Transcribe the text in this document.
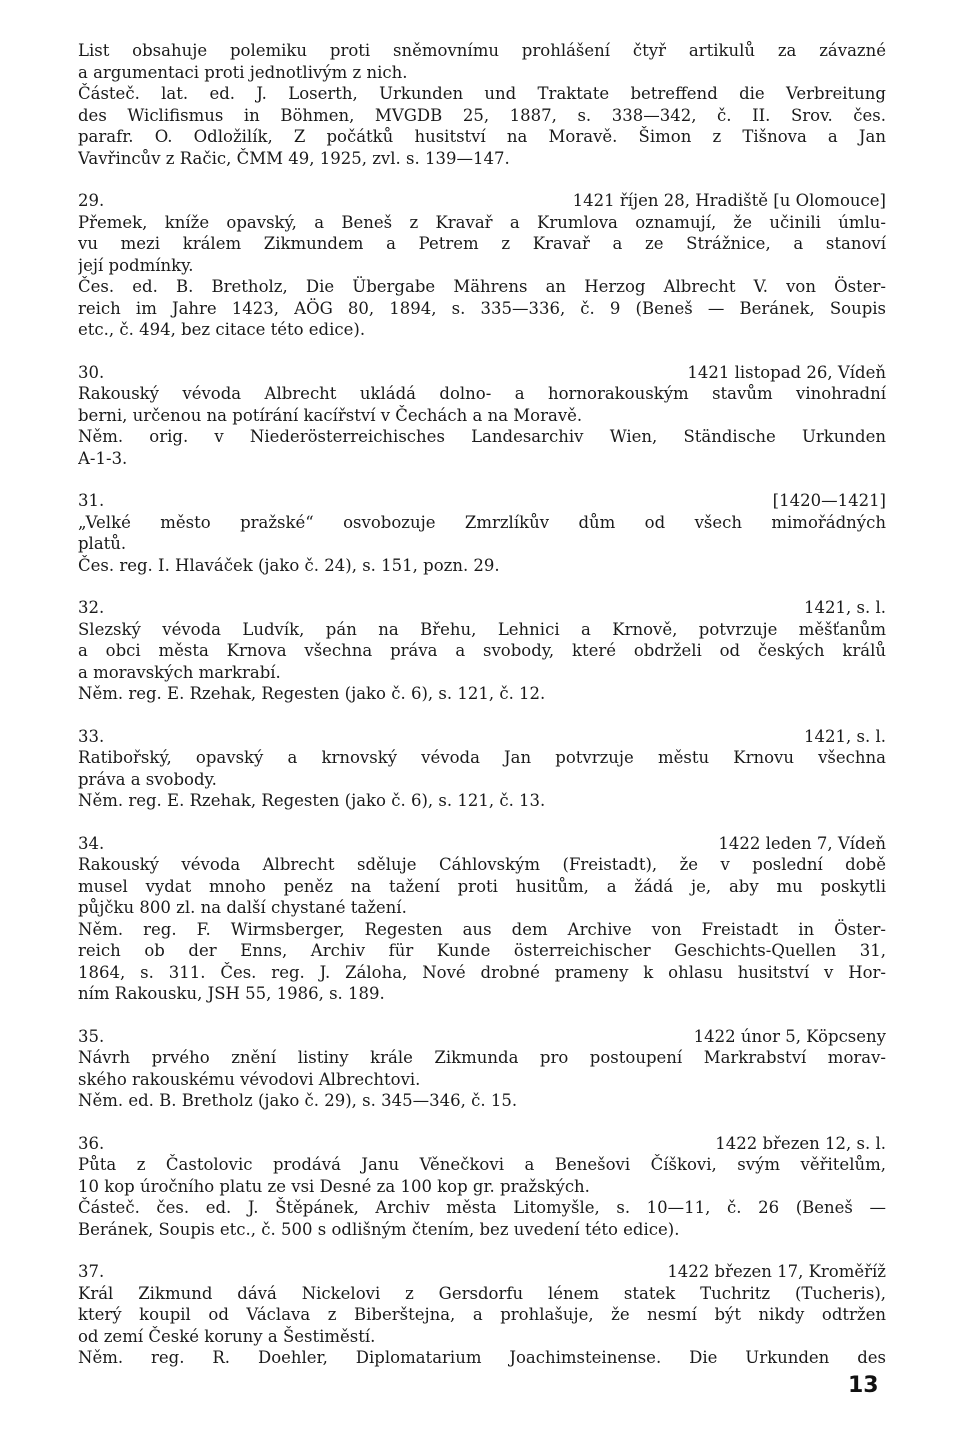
List obsahuje polemiku proti sněmovnímu prohlášení čtyř artikulů za závazné
a argumentaci proti jednotlivým z nich.
Částeč. lat. ed. J. Loserth, Urkunden und Traktate betreffend die Verbreitung
des Wiclifismus in Böhmen, MVGDB 25, 1887, s. 338—342, č. II. Srov. čes.
parafr. O. Odložilík, Z počátků husitství na Moravě. Šimon z Tišnova a Jan
Vavřincův z Račic, ČMM 49, 1925, zvl. s. 139—147.
29.	1421 říjen 28, Hradiště [u Olomouce]
Přemek, kníže opavský, a Beneš z Kravař a Krumlova oznamují, že učinili úmlu-
vu mezi králem Zikmundem a Petrem z Kravař a ze Strážnice, a stanoví
její podmínky.
Čes. ed. B. Bretholz, Die Übergabe Mährens an Herzog Albrecht V. von Öster-
reich im Jahre 1423, AÖG 80, 1894, s. 335—336, č. 9 (Beneš — Beránek, Soupis
etc., č. 494, bez citace této edice).
30.	1421 listopad 26, Vídeň
Rakouský vévoda Albrecht ukládá dolno- a hornorakouským stavům vinohradní
berni, určenou na potírání kacířství v Čechách a na Moravě.
Něm. orig. v Niederösterreichisches Landesarchiv Wien, Ständische Urkunden
A-1-3.
31.	[1420—1421]
„Velké město pražské“ osvobozuje Zmrzlíkův dům od všech mimořádných
platů.
Čes. reg. I. Hlaváček (jako č. 24), s. 151, pozn. 29.
32.	1421, s. l.
Slezský vévoda Ludvík, pán na Břehu, Lehnici a Krnově, potvrzuje měšťanům
a obci města Krnova všechna práva a svobody, které obdrželi od českých králů
a moravských markrabí.
Něm. reg. E. Rzehak, Regesten (jako č. 6), s. 121, č. 12.
33.	1421, s. l.
Ratibořský, opavský a krnovský vévoda Jan potvrzuje městu Krnovu všechna
práva a svobody.
Něm. reg. E. Rzehak, Regesten (jako č. 6), s. 121, č. 13.
34.	1422 leden 7, Vídeň
Rakouský vévoda Albrecht sděluje Cáhlovským (Freistadt), že v poslední době
musel vydat mnoho peněz na tažení proti husitům, a žádá je, aby mu poskytli
půjčku 800 zl. na další chystané tažení.
Něm. reg. F. Wirmsberger, Regesten aus dem Archive von Freistadt in Öster-
reich ob der Enns, Archiv für Kunde österreichischer Geschichts-Quellen 31,
1864, s. 311. Čes. reg. J. Záloha, Nové drobné prameny k ohlasu husitství v Hor-
ním Rakousku, JSH 55, 1986, s. 189.
35.	1422 únor 5, Köpcseny
Návrh prvého znění listiny krále Zikmunda pro postoupení Markrabství morav-
ského rakouskému vévodovi Albrechtovi.
Něm. ed. B. Bretholz (jako č. 29), s. 345—346, č. 15.
36.	1422 březen 12, s. l.
Půta z Častolovic prodává Janu Věnečkovi a Benešovi Číškovi, svým věřitelům,
10 kop úročního platu ze vsi Desné za 100 kop gr. pražských.
Částeč. čes. ed. J. Štěpánek, Archiv města Litomyšle, s. 10—11, č. 26 (Beneš —
Beránek, Soupis etc., č. 500 s odlišným čtením, bez uvedení této edice).
37.	1422 březen 17, Kroměříž
Král Zikmund dává Nickelovi z Gersdorfu lénem statek Tuchritz (Tucheris),
který koupil od Václava z Biberštejna, a prohlašuje, že nesmí být nikdy odtržen
od zemí České koruny a Šestiměstí.
Něm. reg. R. Doehler, Diplomatarium Joachimsteinense. Die Urkunden des
13
